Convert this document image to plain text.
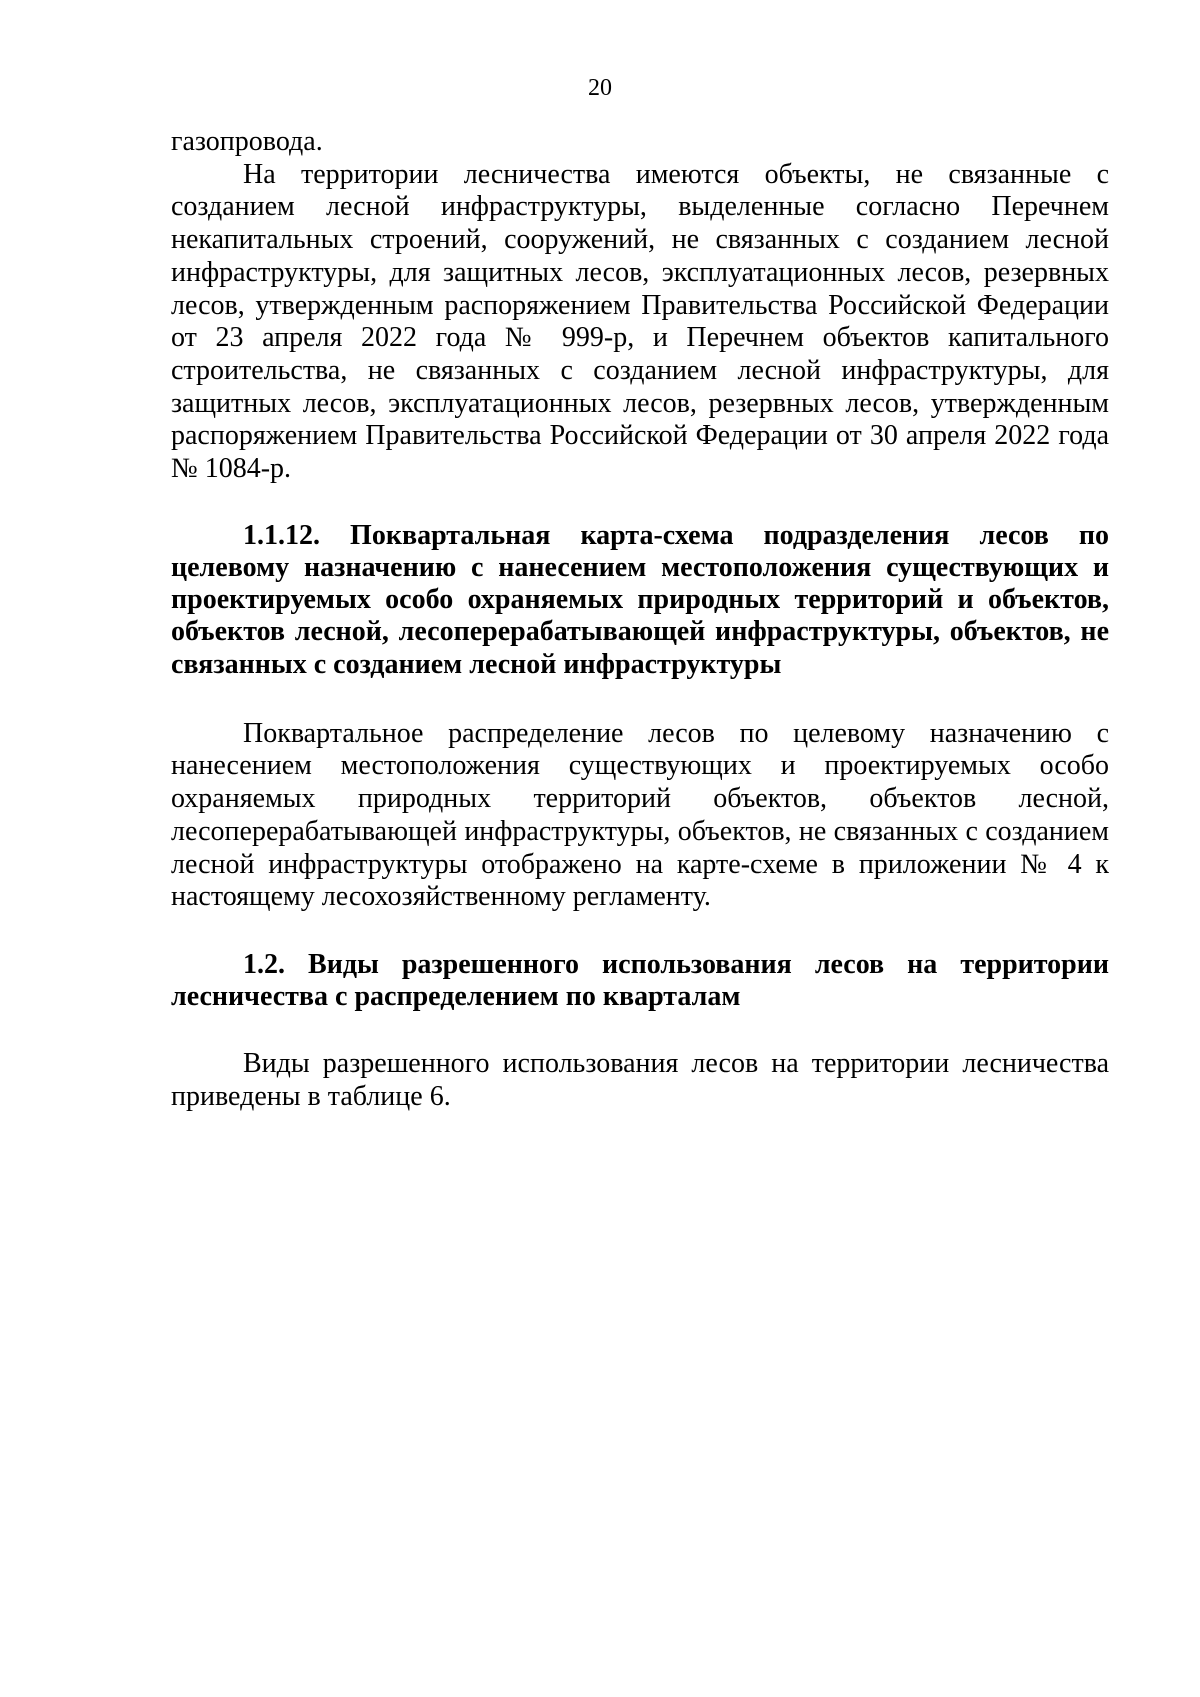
20

газопровода.

На территории лесничества имеются объекты, не связанные с созданием лесной инфраструктуры, выделенные согласно Перечнем некапитальных строений, сооружений, не связанных с созданием лесной инфраструктуры, для защитных лесов, эксплуатационных лесов, резервных лесов, утвержденным распоряжением Правительства Российской Федерации от 23 апреля 2022 года № 999-р, и Перечнем объектов капитального строительства, не связанных с созданием лесной инфраструктуры, для защитных лесов, эксплуатационных лесов, резервных лесов, утвержденным распоряжением Правительства Российской Федерации от 30 апреля 2022 года № 1084-р.

1.1.12. Поквартальная карта-схема подразделения лесов по целевому назначению с нанесением местоположения существующих и проектируемых особо охраняемых природных территорий и объектов, объектов лесной, лесоперерабатывающей инфраструктуры, объектов, не связанных с созданием лесной инфраструктуры

Поквартальное распределение лесов по целевому назначению с нанесением местоположения существующих и проектируемых особо охраняемых природных территорий объектов, объектов лесной, лесоперерабатывающей инфраструктуры, объектов, не связанных с созданием лесной инфраструктуры отображено на карте-схеме в приложении № 4 к настоящему лесохозяйственному регламенту.

1.2. Виды разрешенного использования лесов на территории лесничества с распределением по кварталам

Виды разрешенного использования лесов на территории лесничества приведены в таблице 6.
